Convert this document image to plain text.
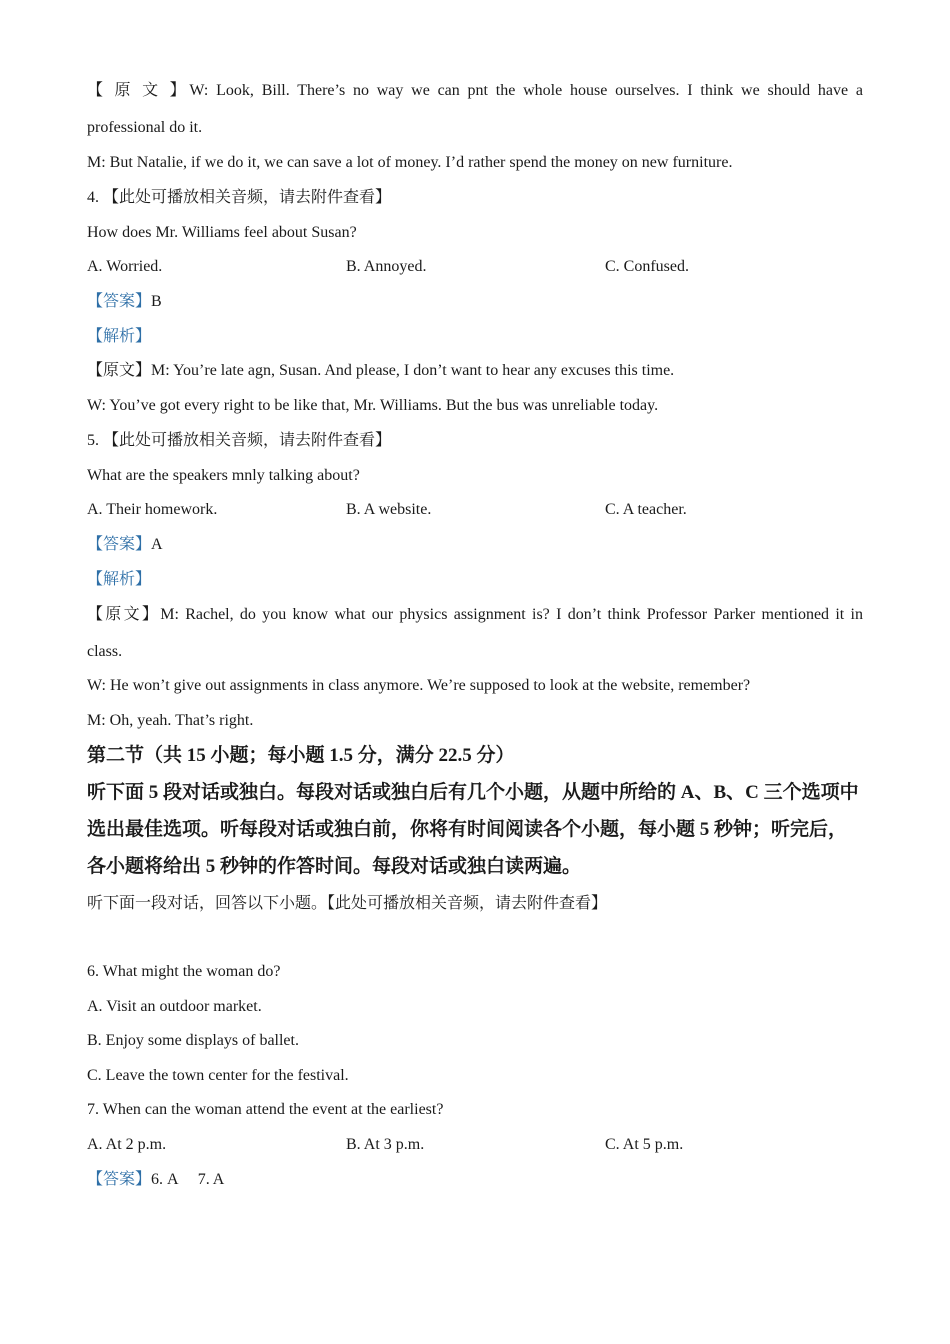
【 原 文 】W: Look, Bill. There’s no way we can pnt the whole house ourselves. I think we should have a
professional do it.
M: But Natalie, if we do it, we can save a lot of money. I’d rather spend the money on new furniture.
4. 【此处可播放相关音频，请去附件查看】
How does Mr. Williams feel about Susan?
A. Worried.	B. Annoyed.	C. Confused.
【答案】B
【解析】
【原文】M: You’re late agn, Susan. And please, I don’t want to hear any excuses this time.
W: You’ve got every right to be like that, Mr. Williams. But the bus was unreliable today.
5. 【此处可播放相关音频，请去附件查看】
What are the speakers mnly talking about?
A. Their homework.	B. A website.	C. A teacher.
【答案】A
【解析】
【原文】M: Rachel, do you know what our physics assignment is? I don’t think Professor Parker mentioned it in
class.
W: He won’t give out assignments in class anymore. We’re supposed to look at the website, remember?
M: Oh, yeah. That’s right.
第二节（共 15 小题；每小题 1.5 分，满分 22.5 分）
听下面 5 段对话或独白。每段对话或独白后有几个小题，从题中所给的 A、B、C 三个选项中
选出最佳选项。听每段对话或独白前，你将有时间阅读各个小题，每小题 5 秒钟；听完后，
各小题将给出 5 秒钟的作答时间。每段对话或独白读两遍。
听下面一段对话，回答以下小题。【此处可播放相关音频，请去附件查看】
6. What might the woman do?
A. Visit an outdoor market.
B. Enjoy some displays of ballet.
C. Leave the town center for the festival.
7. When can the woman attend the event at the earliest?
A. At 2 p.m.	B. At 3 p.m.	C. At 5 p.m.
【答案】6. A　 7. A
